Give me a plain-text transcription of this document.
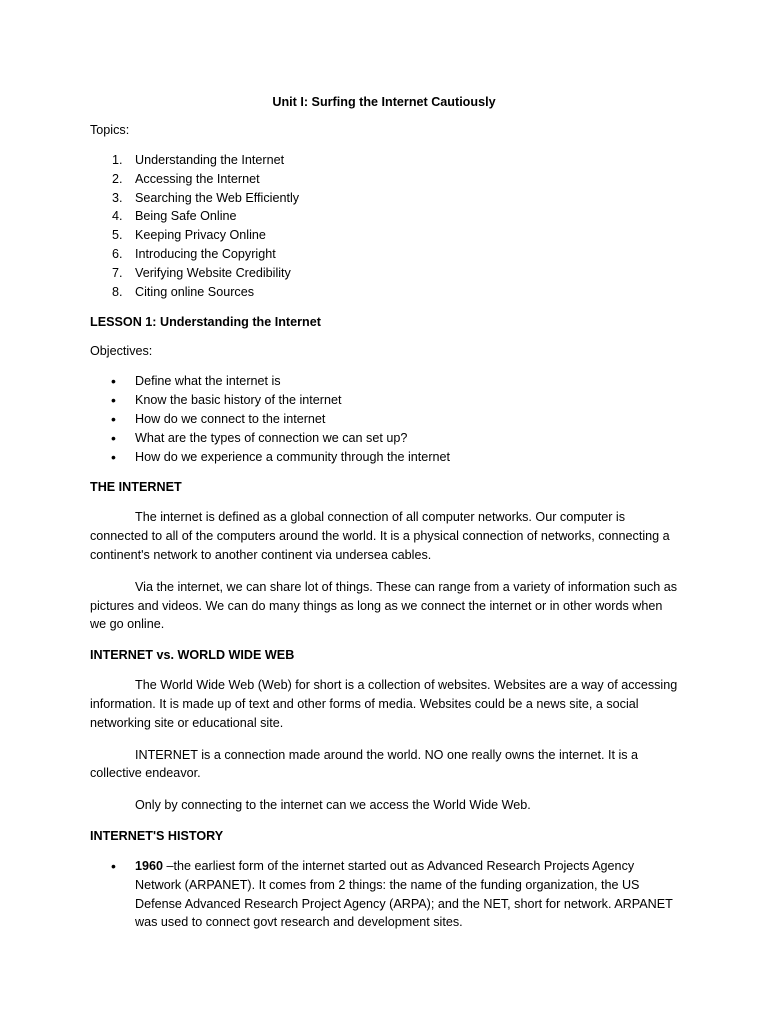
Unit I: Surfing the Internet Cautiously
Topics:
1. Understanding the Internet
2. Accessing the Internet
3. Searching the Web Efficiently
4. Being Safe Online
5. Keeping Privacy Online
6. Introducing the Copyright
7. Verifying Website Credibility
8. Citing online Sources
LESSON 1: Understanding the Internet
Objectives:
• Define what the internet is
• Know the basic history of the internet
• How do we connect to the internet
• What are the types of connection we can set up?
• How do we experience a community through the internet
THE INTERNET

The internet is defined as a global connection of all computer networks. Our computer is connected to all of the computers around the world. It is a physical connection of networks, connecting a continent's network to another continent via undersea cables.

Via the internet, we can share lot of things. These can range from a variety of information such as pictures and videos. We can do many things as long as we connect the internet or in other words when we go online.

INTERNET vs. WORLD WIDE WEB

The World Wide Web (Web) for short is a collection of websites. Websites are a way of accessing information. It is made up of text and other forms of media. Websites could be a news site, a social networking site or educational site.

INTERNET is a connection made around the world. NO one really owns the internet. It is a collective endeavor.

Only by connecting to the internet can we access the World Wide Web.

INTERNET'S HISTORY
• 1960 –the earliest form of the internet started out as Advanced Research Projects Agency Network (ARPANET). It comes from 2 things: the name of the funding organization, the US Defense Advanced Research Project Agency (ARPA); and the NET, short for network. ARPANET was used to connect govt research and development sites.
